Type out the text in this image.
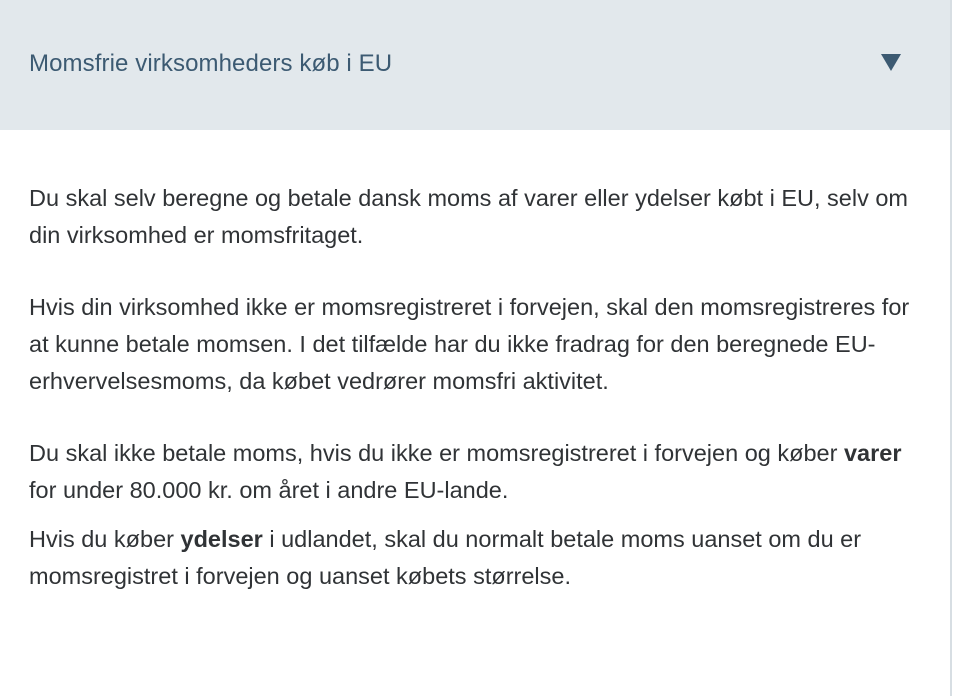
Momsfrie virksomheders køb i EU

Du skal selv beregne og betale dansk moms af varer eller ydelser købt i EU, selv om din virksomhed er momsfritaget.

Hvis din virksomhed ikke er momsregistreret i forvejen, skal den momsregistreres for at kunne betale momsen. I det tilfælde har du ikke fradrag for den beregnede EU-erhvervelsesmoms, da købet vedrører momsfri aktivitet.

Du skal ikke betale moms, hvis du ikke er momsregistreret i forvejen og køber varer for under 80.000 kr. om året i andre EU-lande.

Hvis du køber ydelser i udlandet, skal du normalt betale moms uanset om du er momsregistret i forvejen og uanset købets størrelse.
